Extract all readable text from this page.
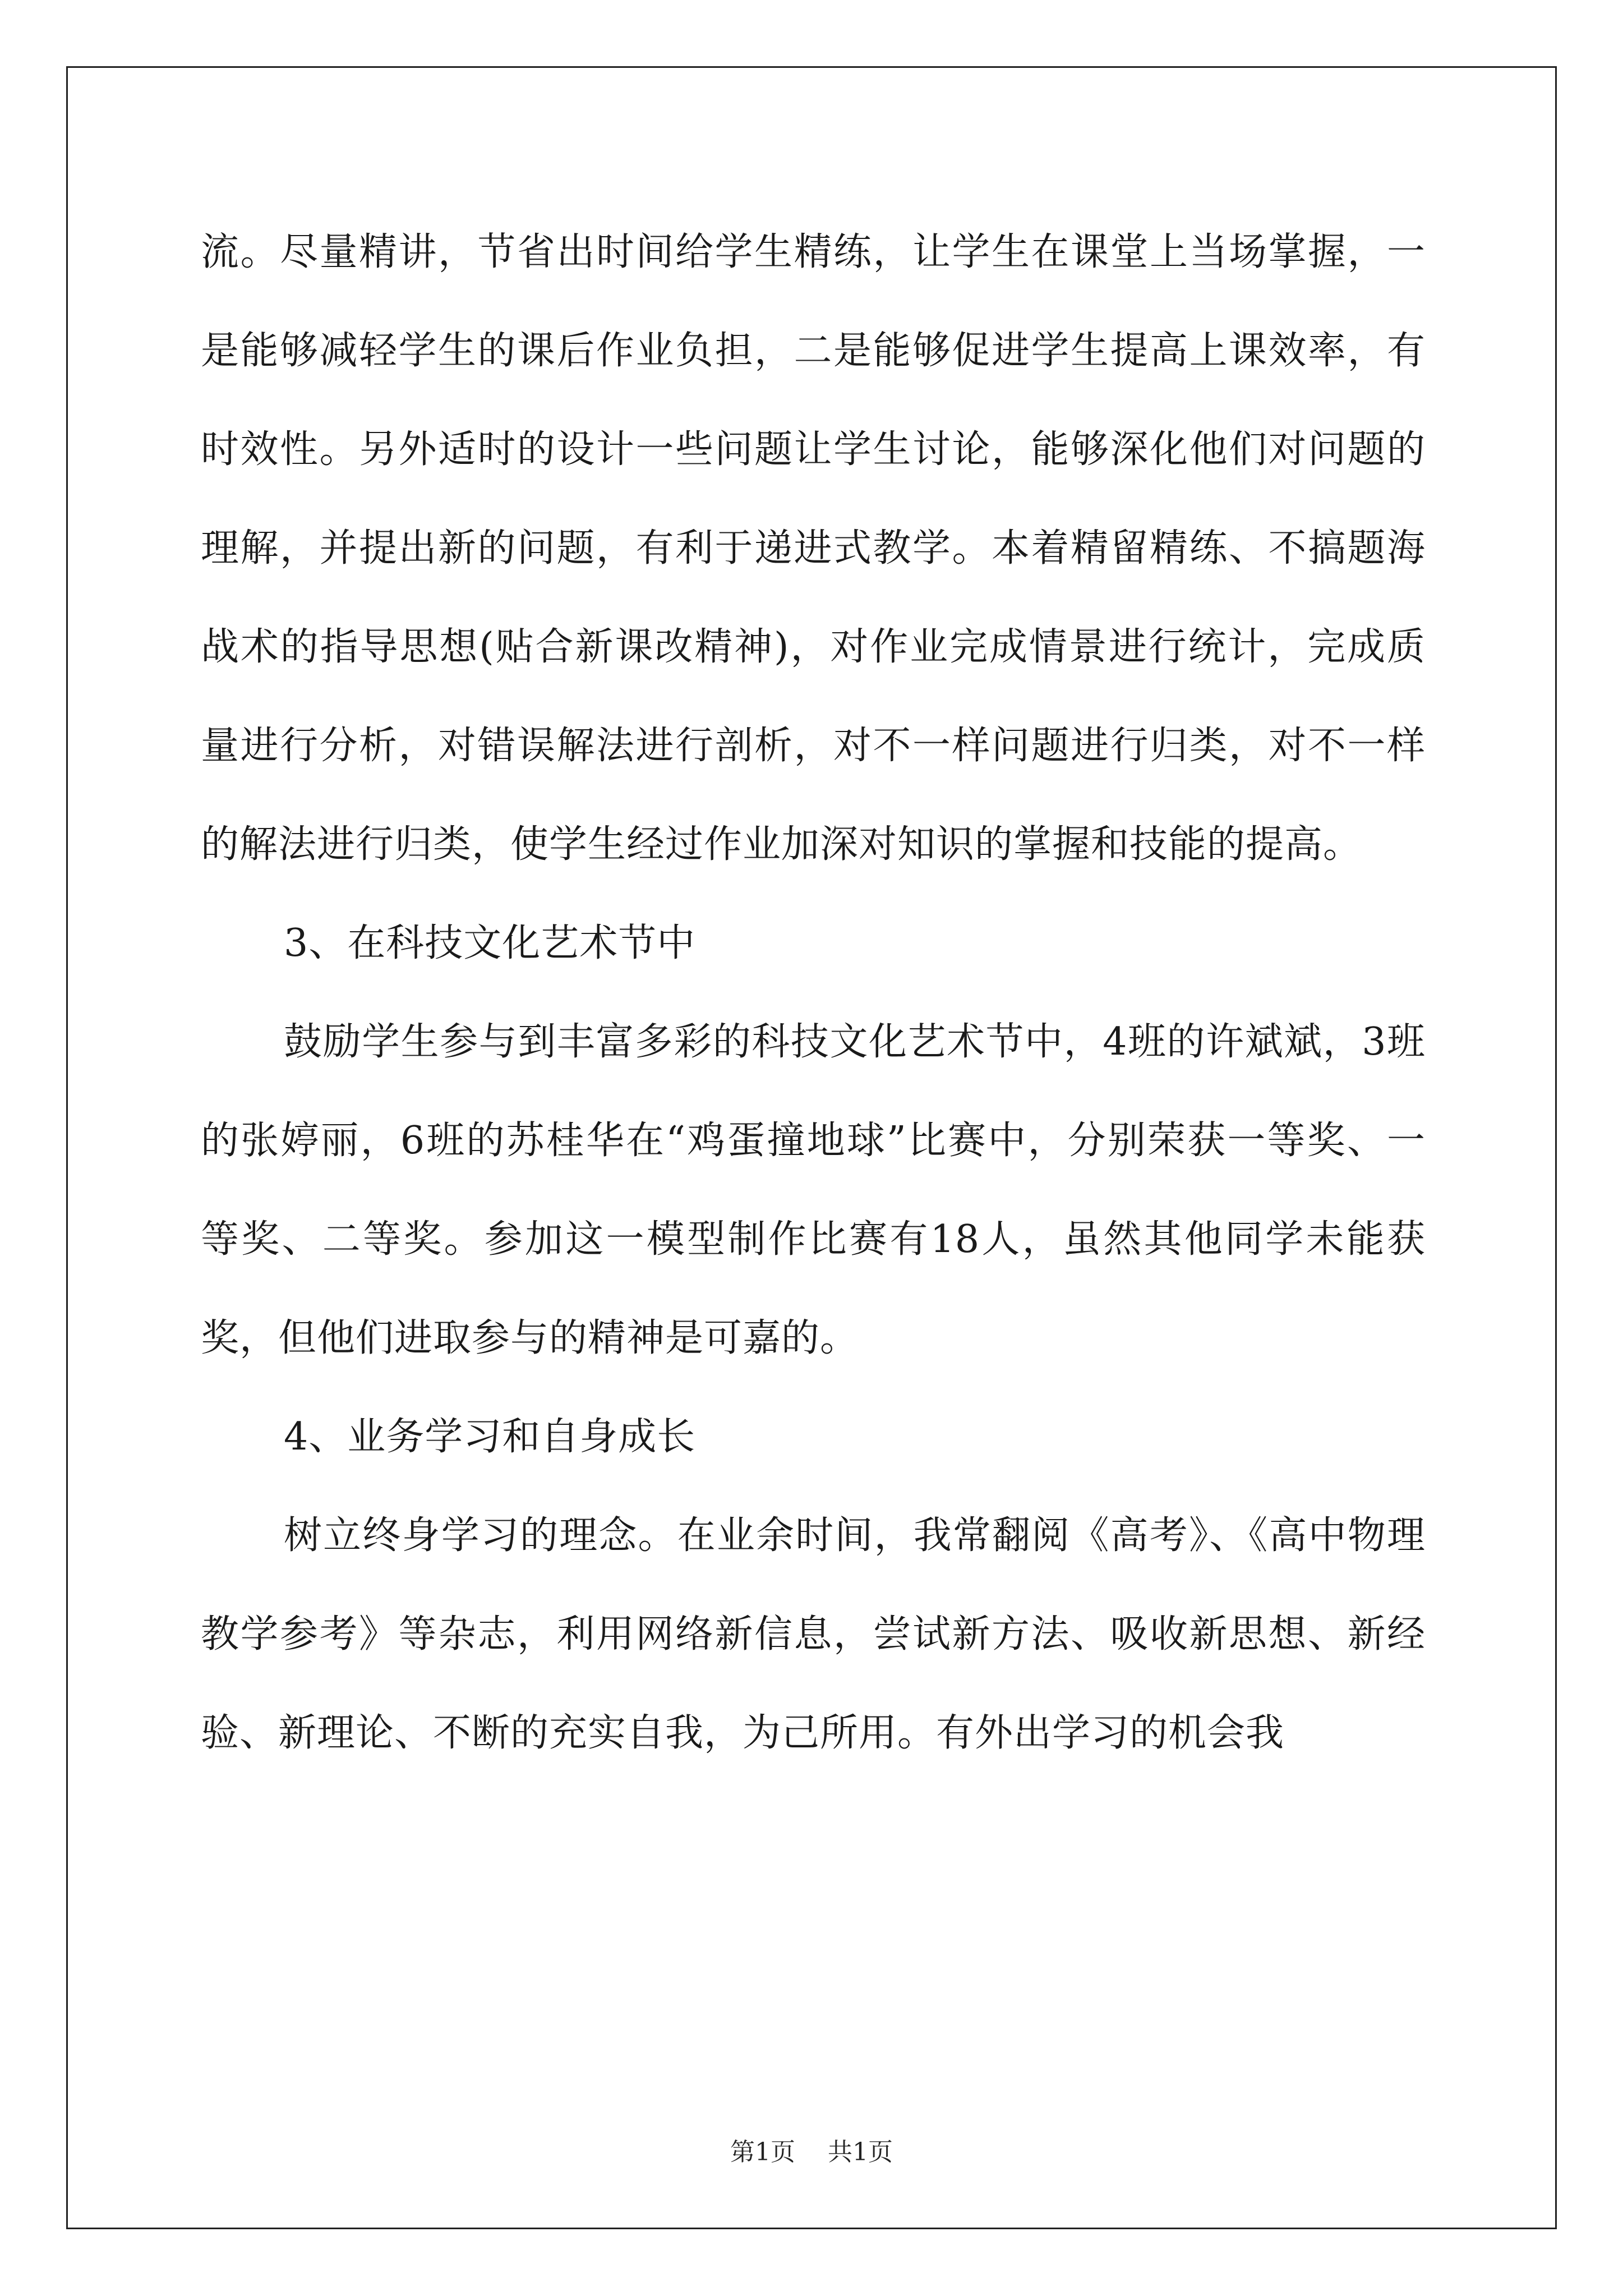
流。尽量精讲，节省出时间给学生精练，让学生在课堂上当场掌握，一是能够减轻学生的课后作业负担，二是能够促进学生提高上课效率，有时效性。另外适时的设计一些问题让学生讨论，能够深化他们对问题的理解，并提出新的问题，有利于递进式教学。本着精留精练、不搞题海战术的指导思想(贴合新课改精神)，对作业完成情景进行统计，完成质量进行分析，对错误解法进行剖析，对不一样问题进行归类，对不一样的解法进行归类，使学生经过作业加深对知识的掌握和技能的提高。

3、在科技文化艺术节中

鼓励学生参与到丰富多彩的科技文化艺术节中，4班的许斌斌，3班的张婷丽，6班的苏桂华在“鸡蛋撞地球”比赛中，分别荣获一等奖、一等奖、二等奖。参加这一模型制作比赛有18人，虽然其他同学未能获奖，但他们进取参与的精神是可嘉的。

4、业务学习和自身成长

树立终身学习的理念。在业余时间，我常翻阅《高考》、《高中物理教学参考》等杂志，利用网络新信息，尝试新方法、吸收新思想、新经验、新理论、不断的充实自我，为己所用。有外出学习的机会我

第1页 共1页
